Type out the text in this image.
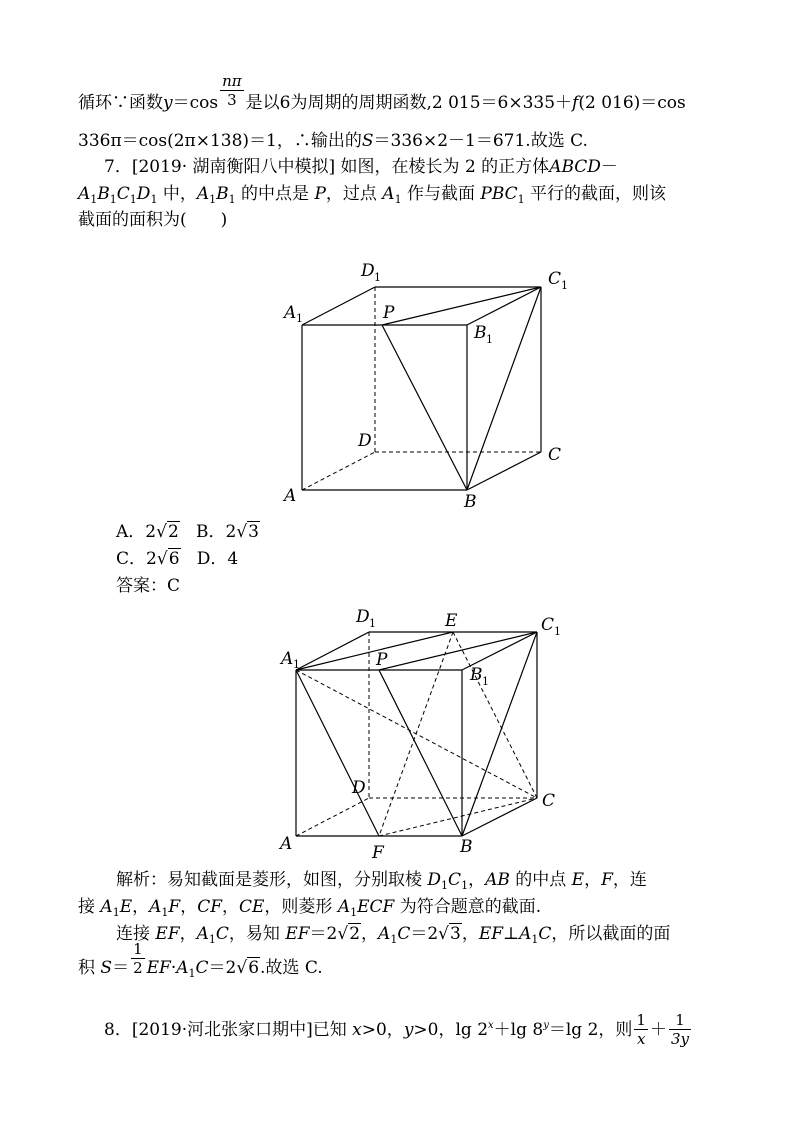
循环∵函数$y=\cos \frac{n\pi}{3}$ 是以6为周期的周期函数,2 015＝6×335＋f(2 016)＝cos
336π＝cos(2π×138)＝1，∴输出的S＝336×2－1＝671.故选 C.
7．[2019· 湖南衡阳八中模拟] 如图，在棱长为 2 的正方体ABCD－
$A_1B_1C_1D_1$ 中，$A_1B_1$ 的中点是 P，过点 $A_1$ 作与截面 $PBC_1$ 平行的截面，则该
截面的面积为(　　)
A	B
C
D
A 1
B 1
C 1
D 1
P
A．2√2 B．2√3
C．2√6 D．4
答案：C
A	B
C
D
A 1
B 1
C 1
D 1
P
E
F
解析：易知截面是菱形，如图，分别取棱 $D_1C_1$，AB 的中点 E，F，连
接 $A_1E$，$A_1F$，CF，CE，则菱形 $A_1ECF$ 为符合题意的截面.
连接 EF，$A_1C$，易知 EF＝2√2，$A_1C=2√3$，$EF\perp A_1C$，所以截面的面
积 $S= \frac{1}{2} EF\cdot A_1C=2√6$.故选 C.
8．[2019·河北张家口期中]已知 x>0，y>0，$\lg 2^x+\lg$ $8^y=\lg$ 2，则 $\frac{1}{x} + \frac{1}{3y}$
